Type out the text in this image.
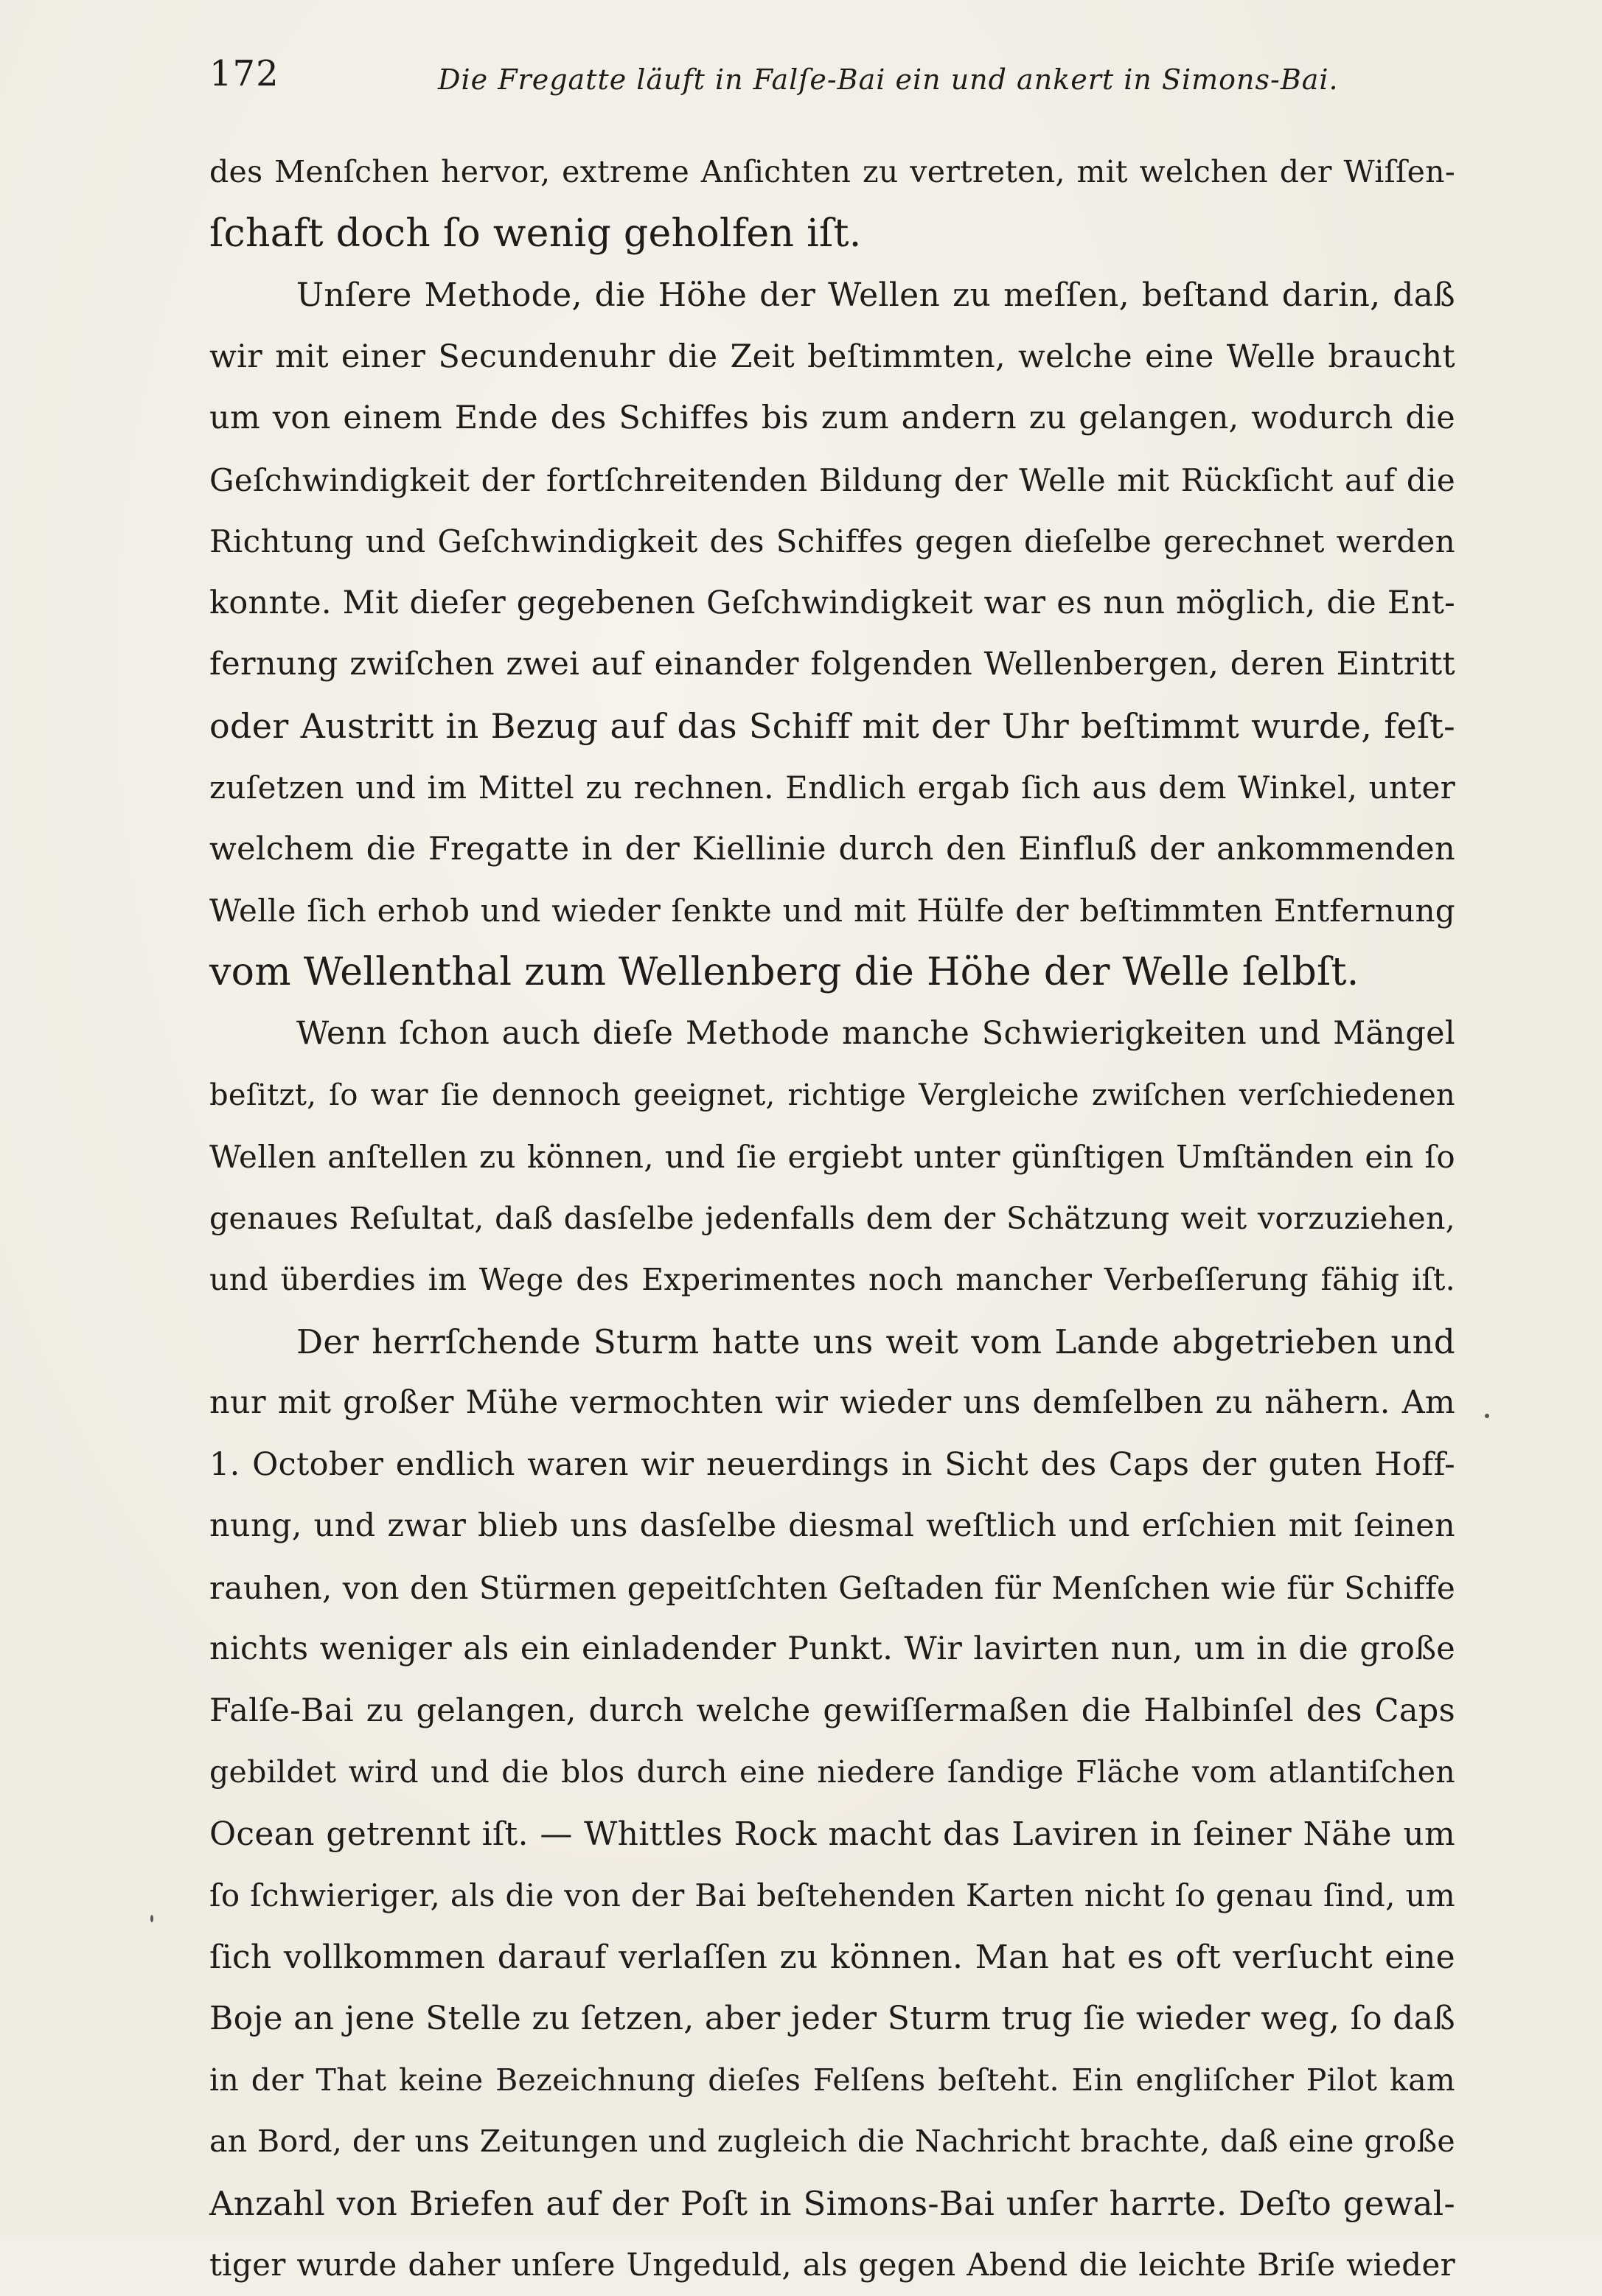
172	Die Fregatte läuft in Falſe-Bai ein und ankert in Simons-Bai.
des Menſchen hervor, extreme Anſichten zu vertreten, mit welchen der Wiſſen-
ſchaft doch ſo wenig geholfen iſt.
Unſere Methode, die Höhe der Wellen zu meſſen, beſtand darin, daß
wir mit einer Secundenuhr die Zeit beſtimmten, welche eine Welle braucht
um von einem Ende des Schiffes bis zum andern zu gelangen, wodurch die
Geſchwindigkeit der fortſchreitenden Bildung der Welle mit Rückſicht auf die
Richtung und Geſchwindigkeit des Schiffes gegen dieſelbe gerechnet werden
konnte. Mit dieſer gegebenen Geſchwindigkeit war es nun möglich, die Ent-
fernung zwiſchen zwei auf einander folgenden Wellenbergen, deren Eintritt
oder Austritt in Bezug auf das Schiff mit der Uhr beſtimmt wurde, feſt-
zuſetzen und im Mittel zu rechnen. Endlich ergab ſich aus dem Winkel, unter
welchem die Fregatte in der Kiellinie durch den Einfluß der ankommenden
Welle ſich erhob und wieder ſenkte und mit Hülfe der beſtimmten Entfernung
vom Wellenthal zum Wellenberg die Höhe der Welle ſelbſt.
Wenn ſchon auch dieſe Methode manche Schwierigkeiten und Mängel
beſitzt, ſo war ſie dennoch geeignet, richtige Vergleiche zwiſchen verſchiedenen
Wellen anſtellen zu können, und ſie ergiebt unter günſtigen Umſtänden ein ſo
genaues Reſultat, daß dasſelbe jedenfalls dem der Schätzung weit vorzuziehen,
und überdies im Wege des Experimentes noch mancher Verbeſſerung fähig iſt.
Der herrſchende Sturm hatte uns weit vom Lande abgetrieben und
nur mit großer Mühe vermochten wir wieder uns demſelben zu nähern. Am
1. October endlich waren wir neuerdings in Sicht des Caps der guten Hoff-
nung, und zwar blieb uns dasſelbe diesmal weſtlich und erſchien mit ſeinen
rauhen, von den Stürmen gepeitſchten Geſtaden für Menſchen wie für Schiffe
nichts weniger als ein einladender Punkt. Wir lavirten nun, um in die große
Falſe-Bai zu gelangen, durch welche gewiſſermaßen die Halbinſel des Caps
gebildet wird und die blos durch eine niedere ſandige Fläche vom atlantiſchen
Ocean getrennt iſt. — Whittles Rock macht das Laviren in ſeiner Nähe um
ſo ſchwieriger, als die von der Bai beſtehenden Karten nicht ſo genau ſind, um
ſich vollkommen darauf verlaſſen zu können. Man hat es oft verſucht eine
Boje an jene Stelle zu ſetzen, aber jeder Sturm trug ſie wieder weg, ſo daß
in der That keine Bezeichnung dieſes Felſens beſteht. Ein engliſcher Pilot kam
an Bord, der uns Zeitungen und zugleich die Nachricht brachte, daß eine große
Anzahl von Briefen auf der Poſt in Simons-Bai unſer harrte. Deſto gewal-
tiger wurde daher unſere Ungeduld, als gegen Abend die leichte Briſe wieder
